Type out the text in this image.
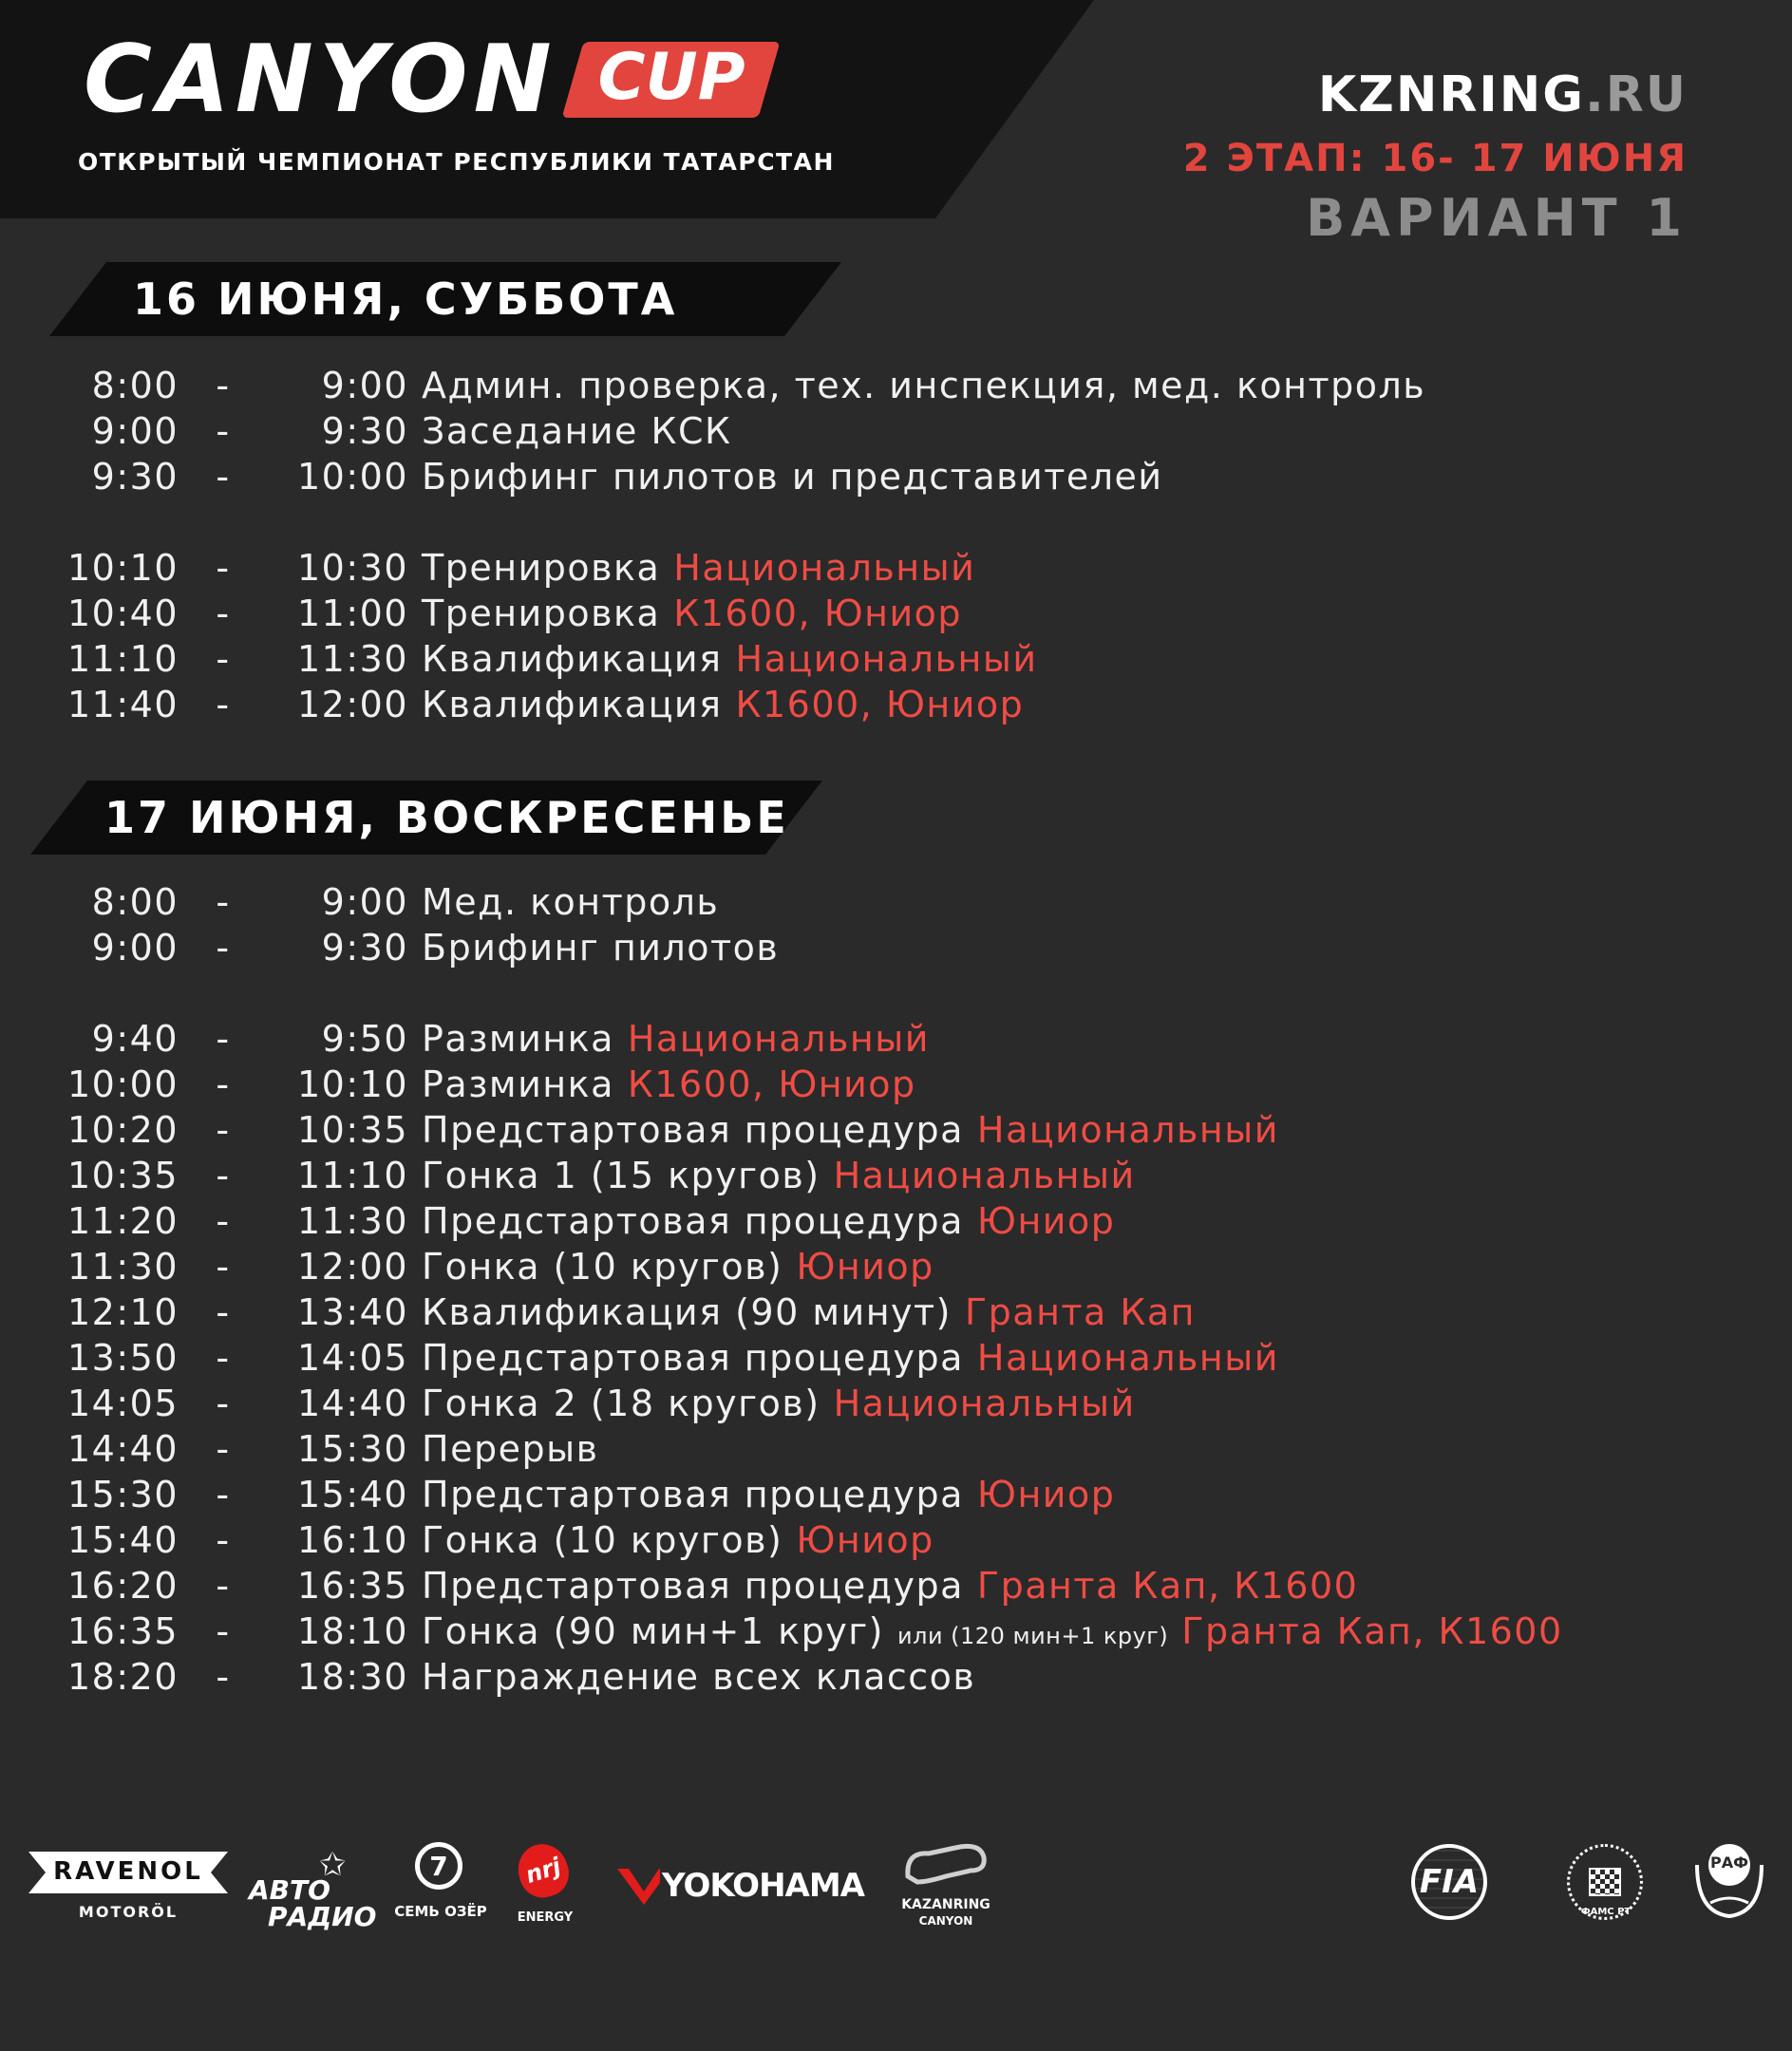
CANYON CUP
ОТКРЫТЫЙ ЧЕМПИОНАТ РЕСПУБЛИКИ ТАТАРСТАН
KZNRING.RU
2 ЭТАП: 16- 17 ИЮНЯ
ВАРИАНТ 1
16 ИЮНЯ, СУББОТА
8:00	-	9:00 Админ. проверка, тех. инспекция, мед. контроль
9:00	-	9:30 Заседание КСК
9:30	-	10:00 Брифинг пилотов и представителей
10:10	-	10:30 Тренировка Национальный
10:40	-	11:00 Тренировка К1600, Юниор
11:10	-	11:30 Квалификация Национальный
11:40	-	12:00 Квалификация К1600, Юниор
17 ИЮНЯ, ВОСКРЕСЕНЬЕ
8:00	-	9:00 Мед. контроль
9:00	-	9:30 Брифинг пилотов
9:40	-	9:50 Разминка Национальный
10:00	-	10:10 Разминка К1600, Юниор
10:20	-	10:35 Предстартовая процедура Национальный
10:35	-	11:10 Гонка 1 (15 кругов) Национальный
11:20	-	11:30 Предстартовая процедура Юниор
11:30	-	12:00 Гонка (10 кругов) Юниор
12:10	-	13:40 Квалификация (90 минут) Гранта Кап
13:50	-	14:05 Предстартовая процедура Национальный
14:05	-	14:40 Гонка 2 (18 кругов) Национальный
14:40	-	15:30 Перерыв
15:30	-	15:40 Предстартовая процедура Юниор
15:40	-	16:10 Гонка (10 кругов) Юниор
16:20	-	16:35 Предстартовая процедура Гранта Кап, К1600
16:35	-	18:10 Гонка (90 мин+1 круг) или (120 мин+1 круг) Гранта Кап, К1600
18:20	-	18:30 Награждение всех классов
RAVENOL
MOTORÖL
✩
АВТО
РАДИО
7
СЕМЬ ОЗЁР
nrj
ENERGY
YOKOHAMA	KAZANRING
CANYON
FIA
ФАМС РТ
РАФ
